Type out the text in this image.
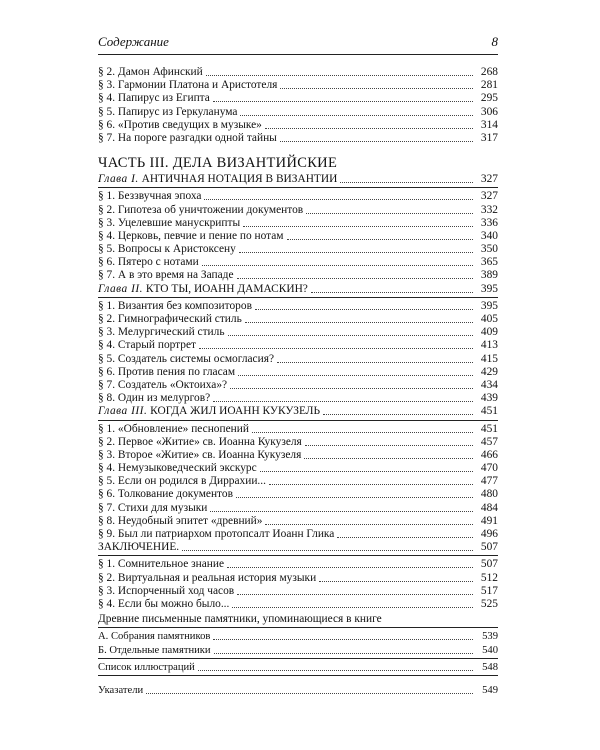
Содержание	8
§ 2. Дамон Афинский	268
§ 3. Гармонии Платона и Аристотеля	281
§ 4. Папирус из Египта	295
§ 5. Папирус из Геркуланума	306
§ 6. «Против сведущих в музыке»	314
§ 7. На пороге разгадки одной тайны	317
ЧАСТЬ III. ДЕЛА ВИЗАНТИЙСКИЕ
Глава I. АНТИЧНАЯ НОТАЦИЯ В ВИЗАНТИИ	327
§ 1. Беззвучная эпоха	327
§ 2. Гипотеза об уничтожении документов	332
§ 3. Уцелевшие манускрипты	336
§ 4. Церковь, певчие и пение по нотам	340
§ 5. Вопросы к Аристоксену	350
§ 6. Пятеро с нотами	365
§ 7. А в это время на Западе	389
Глава II. КТО ТЫ, ИОАНН ДАМАСКИН?	395
§ 1. Византия без композиторов	395
§ 2. Гимнографический стиль	405
§ 3. Мелургический стиль	409
§ 4. Старый портрет	413
§ 5. Создатель системы осмогласия?	415
§ 6. Против пения по гласам	429
§ 7. Создатель «Октоиха»?	434
§ 8. Один из мелургов?	439
Глава III. КОГДА ЖИЛ ИОАНН КУКУЗЕЛЬ	451
§ 1. «Обновление» песнопений	451
§ 2. Первое «Житие» св. Иоанна Кукузеля	457
§ 3. Второе «Житие» св. Иоанна Кукузеля	466
§ 4. Немузыковедческий экскурс	470
§ 5. Если он родился в Диррахии...	477
§ 6. Толкование документов	480
§ 7. Стихи для музыки	484
§ 8. Неудобный эпитет «древний»	491
§ 9. Был ли патриархом протопсалт Иоанн Глика	496
ЗАКЛЮЧЕНИЕ.	507
§ 1. Сомнительное знание	507
§ 2. Виртуальная и реальная история музыки	512
§ 3. Испорченный ход часов	517
§ 4. Если бы можно было...	525
Древние письменные памятники, упоминающиеся в книге
А. Собрания памятников	539
Б. Отдельные памятники	540
Список иллюстраций	548
Указатели	549
